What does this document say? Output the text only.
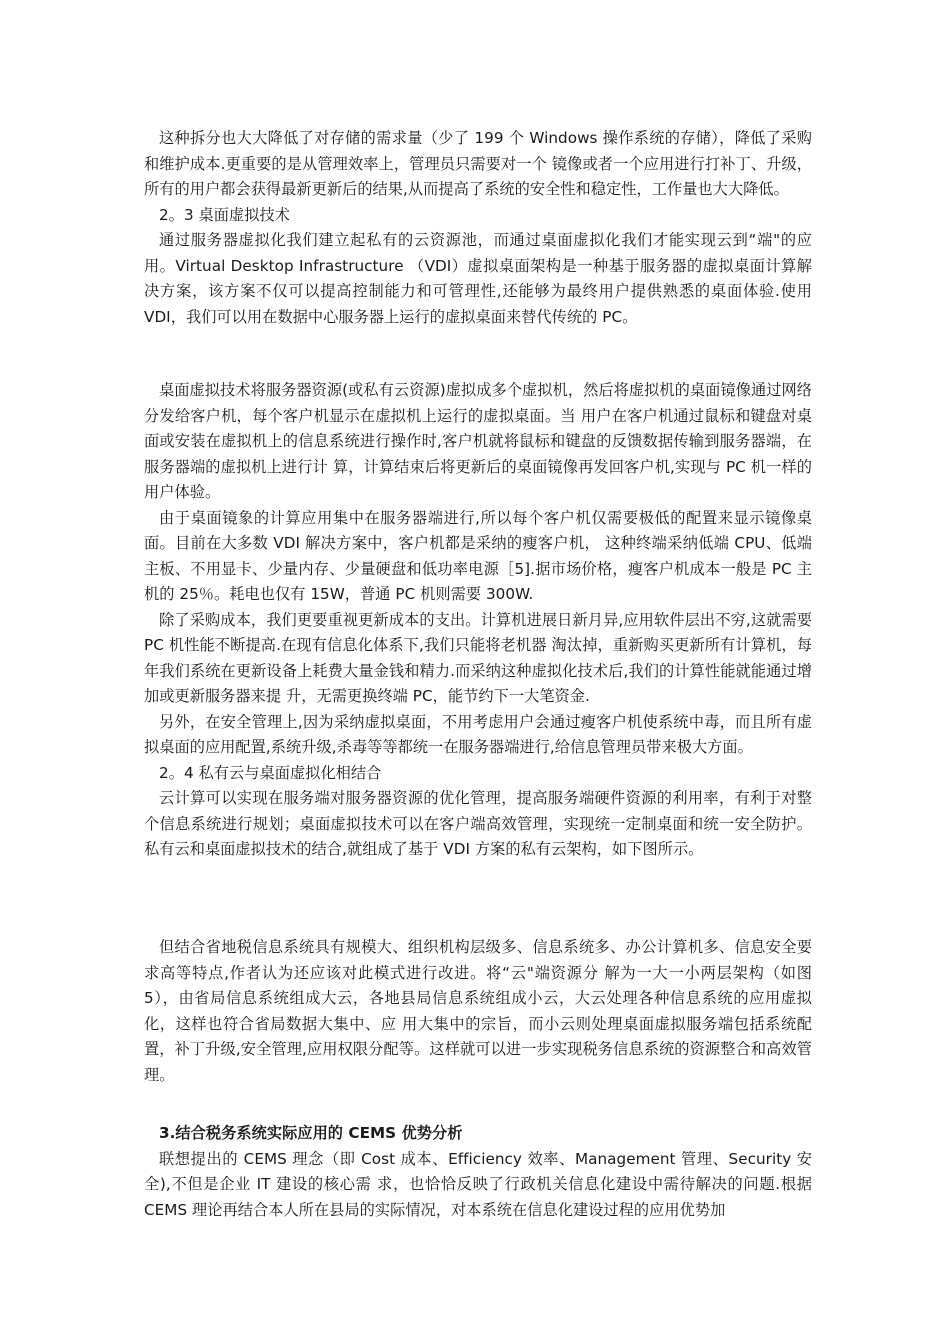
这种拆分也大大降低了对存储的需求量（少了 199 个 Windows 操作系统的存储），降低了采购和维护成本.更重要的是从管理效率上，管理员只需要对一个 镜像或者一个应用进行打补丁、升级，所有的用户都会获得最新更新后的结果,从而提高了系统的安全性和稳定性，工作量也大大降低。

2。3 桌面虚拟技术

通过服务器虚拟化我们建立起私有的云资源池，而通过桌面虚拟化我们才能实现云到“端"的应用。Virtual Desktop Infrastructure （VDI）虚拟桌面架构是一种基于服务器的虚拟桌面计算解决方案，该方案不仅可以提高控制能力和可管理性,还能够为最终用户提供熟悉的桌面体验.使用 VDI，我们可以用在数据中心服务器上运行的虚拟桌面来替代传统的 PC。

桌面虚拟技术将服务器资源(或私有云资源)虚拟成多个虚拟机，然后将虚拟机的桌面镜像通过网络分发给客户机，每个客户机显示在虚拟机上运行的虚拟桌面。当 用户在客户机通过鼠标和键盘对桌面或安装在虚拟机上的信息系统进行操作时,客户机就将鼠标和键盘的反馈数据传输到服务器端，在服务器端的虚拟机上进行计 算，计算结束后将更新后的桌面镜像再发回客户机,实现与 PC 机一样的用户体验。

由于桌面镜象的计算应用集中在服务器端进行,所以每个客户机仅需要极低的配置来显示镜像桌面。目前在大多数 VDI 解决方案中，客户机都是采纳的瘦客户机， 这种终端采纳低端 CPU、低端主板、不用显卡、少量内存、少量硬盘和低功率电源［5].据市场价格，瘦客户机成本一般是 PC 主机的 25％。耗电也仅有 15W，普通 PC 机则需要 300W.

除了采购成本，我们更要重视更新成本的支出。计算机进展日新月异,应用软件层出不穷,这就需要 PC 机性能不断提高.在现有信息化体系下,我们只能将老机器 淘汰掉，重新购买更新所有计算机，每年我们系统在更新设备上耗费大量金钱和精力.而采纳这种虚拟化技术后,我们的计算性能就能通过增加或更新服务器来提 升，无需更换终端 PC，能节约下一大笔资金.

另外，在安全管理上,因为采纳虚拟桌面，不用考虑用户会通过瘦客户机使系统中毒，而且所有虚拟桌面的应用配置,系统升级,杀毒等等都统一在服务器端进行,给信息管理员带来极大方面。

2。4 私有云与桌面虚拟化相结合

云计算可以实现在服务端对服务器资源的优化管理，提高服务端硬件资源的利用率，有利于对整个信息系统进行规划；桌面虚拟技术可以在客户端高效管理，实现统一定制桌面和统一安全防护。私有云和桌面虚拟技术的结合,就组成了基于 VDI 方案的私有云架构，如下图所示。

但结合省地税信息系统具有规模大、组织机构层级多、信息系统多、办公计算机多、信息安全要求高等特点,作者认为还应该对此模式进行改进。将“云"端资源分 解为一大一小两层架构（如图 5），由省局信息系统组成大云，各地县局信息系统组成小云，大云处理各种信息系统的应用虚拟化，这样也符合省局数据大集中、应 用大集中的宗旨，而小云则处理桌面虚拟服务端包括系统配置，补丁升级,安全管理,应用权限分配等。这样就可以进一步实现税务信息系统的资源整合和高效管 理。

3.结合税务系统实际应用的 CEMS 优势分析

联想提出的 CEMS 理念（即 Cost 成本、Efficiency 效率、Management 管理、Security 安全),不但是企业 IT 建设的核心需 求，也恰恰反映了行政机关信息化建设中需待解决的问题.根据 CEMS 理论再结合本人所在县局的实际情况，对本系统在信息化建设过程的应用优势加
